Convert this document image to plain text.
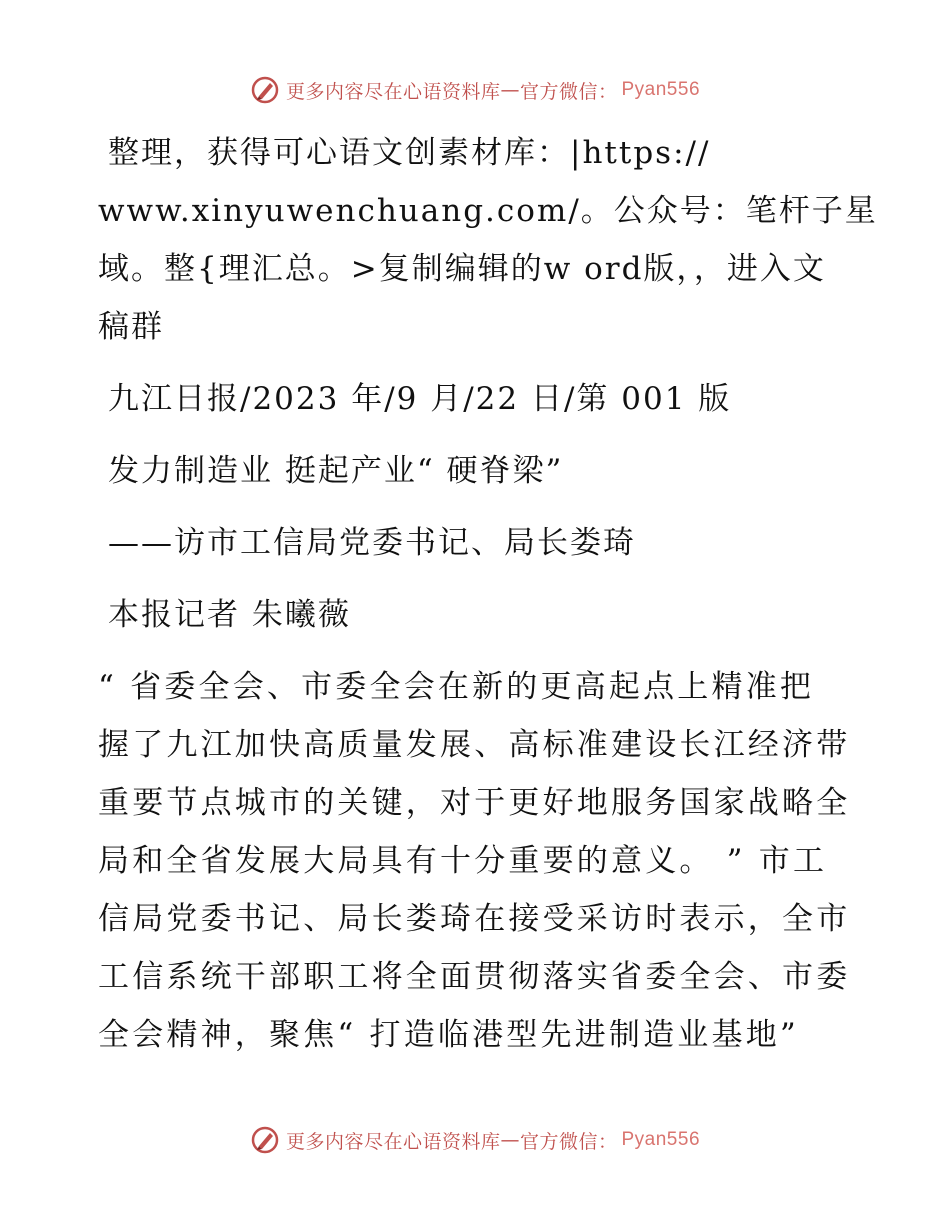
更多内容尽在心语资料库 — 官方微信： Pyan556
整理，获得可心语文创素材库：|https://
www.xinyuwenchuang.com/。公众号：笔杆子星
域。整{理汇总。>复制编辑的w ord版，，进入文
稿群
九江日报/2023 年/9 月/22 日/第 001 版
发力制造业 挺起产业“ 硬脊梁”
——访市工信局党委书记、局长娄琦
本报记者 朱曦薇
“ 省委全会、市委全会在新的更高起点上精准把
握了九江加快高质量发展、高标准建设长江经济带
重要节点城市的关键，对于更好地服务国家战略全
局和全省发展大局具有十分重要的意义。 ” 市工
信局党委书记、局长娄琦在接受采访时表示，全市
工信系统干部职工将全面贯彻落实省委全会、市委
全会精神，聚焦“ 打造临港型先进制造业基地”
更多内容尽在心语资料库 — 官方微信： Pyan556
